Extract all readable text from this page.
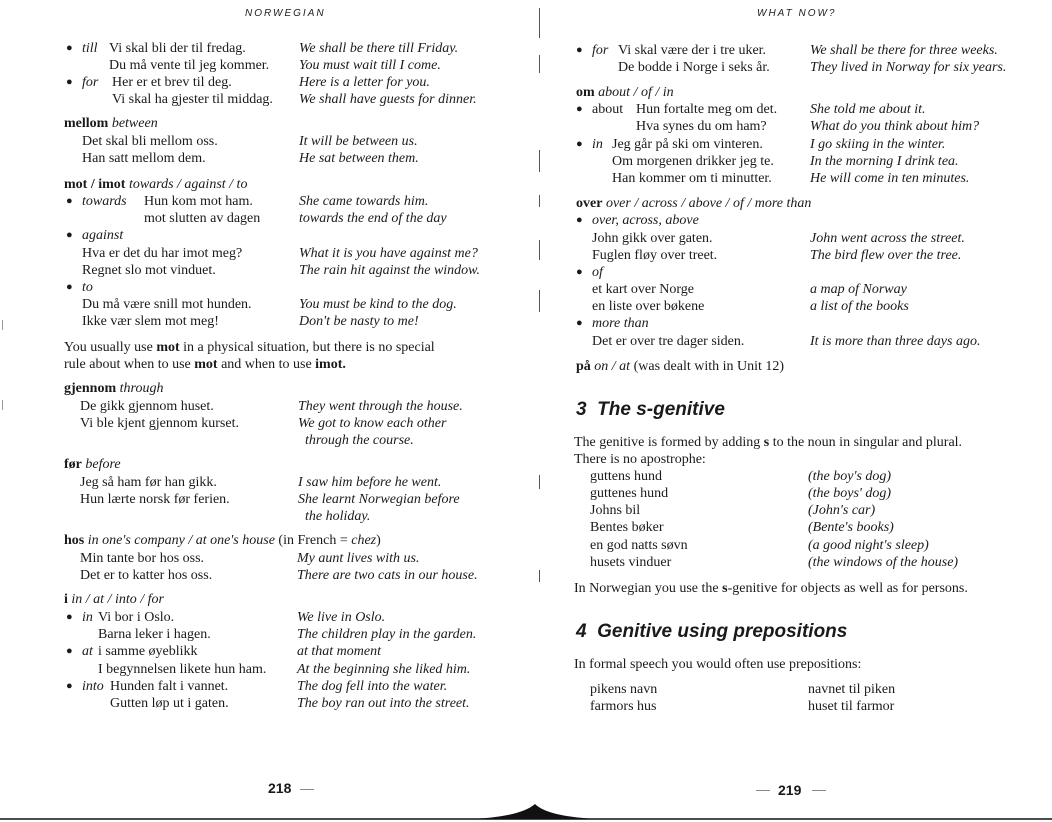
NORWEGIAN
● till Vi skal bli der til fredag.	We shall be there till Friday.
Du må vente til jeg kommer. You must wait till I come.
● for Her er et brev til deg.	Here is a letter for you.
Vi skal ha gjester til middag. We shall have guests for dinner.
mellom between
Det skal bli mellom oss.	It will be between us.
Han satt mellom dem.	He sat between them.
mot / imot towards / against / to
● towards Hun kom mot ham.	She came towards him.
mot slutten av dagen	towards the end of the day
● against
Hva er det du har imot meg?	What it is you have against me?
Regnet slo mot vinduet.	The rain hit against the window.
● to
Du må være snill mot hunden.	You must be kind to the dog.
Ikke vær slem mot meg!	Don't be nasty to me!
You usually use mot in a physical situation, but there is no special
rule about when to use mot and when to use imot.
gjennom through
De gikk gjennom huset.	They went through the house.
Vi ble kjent gjennom kurset.	We got to know each other
through the course.
før before
Jeg så ham før han gikk.	I saw him before he went.
Hun lærte norsk før ferien.	She learnt Norwegian before
the holiday.
hos in one's company / at one's house (in French = chez)
Min tante bor hos oss.	My aunt lives with us.
Det er to katter hos oss.	There are two cats in our house.
i in / at / into / for
● in Vi bor i Oslo.	We live in Oslo.
Barna leker i hagen.	The children play in the garden.
● at i samme øyeblikk	at that moment
I begynnelsen likete hun ham. At the beginning she liked him.
● into Hunden falt i vannet.	The dog fell into the water.
Gutten løp ut i gaten.	The boy ran out into the street.
218
WHAT NOW?
● for Vi skal være der i tre uker.	We shall be there for three weeks.
De bodde i Norge i seks år.	They lived in Norway for six years.
om about / of / in
● about Hun fortalte meg om det. She told me about it.
Hva synes du om ham?	What do you think about him?
● in Jeg går på ski om vinteren.	I go skiing in the winter.
Om morgenen drikker jeg te.	In the morning I drink tea.
Han kommer om ti minutter.	He will come in ten minutes.
over over / across / above / of / more than
● over, across, above
John gikk over gaten.	John went across the street.
Fuglen fløy over treet.	The bird flew over the tree.
● of
et kart over Norge	a map of Norway
en liste over bøkene	a list of the books
● more than
Det er over tre dager siden.	It is more than three days ago.
på on / at (was dealt with in Unit 12)
3 The s-genitive
The genitive is formed by adding s to the noun in singular and plural.
There is no apostrophe:
guttens hund	(the boy's dog)
guttenes hund	(the boys' dog)
Johns bil	(John's car)
Bentes bøker	(Bente's books)
en god natts søvn	(a good night's sleep)
husets vinduer	(the windows of the house)
In Norwegian you use the s-genitive for objects as well as for persons.
4 Genitive using prepositions
In formal speech you would often use prepositions:
pikens navn	navnet til piken
farmors hus	huset til farmor
219
